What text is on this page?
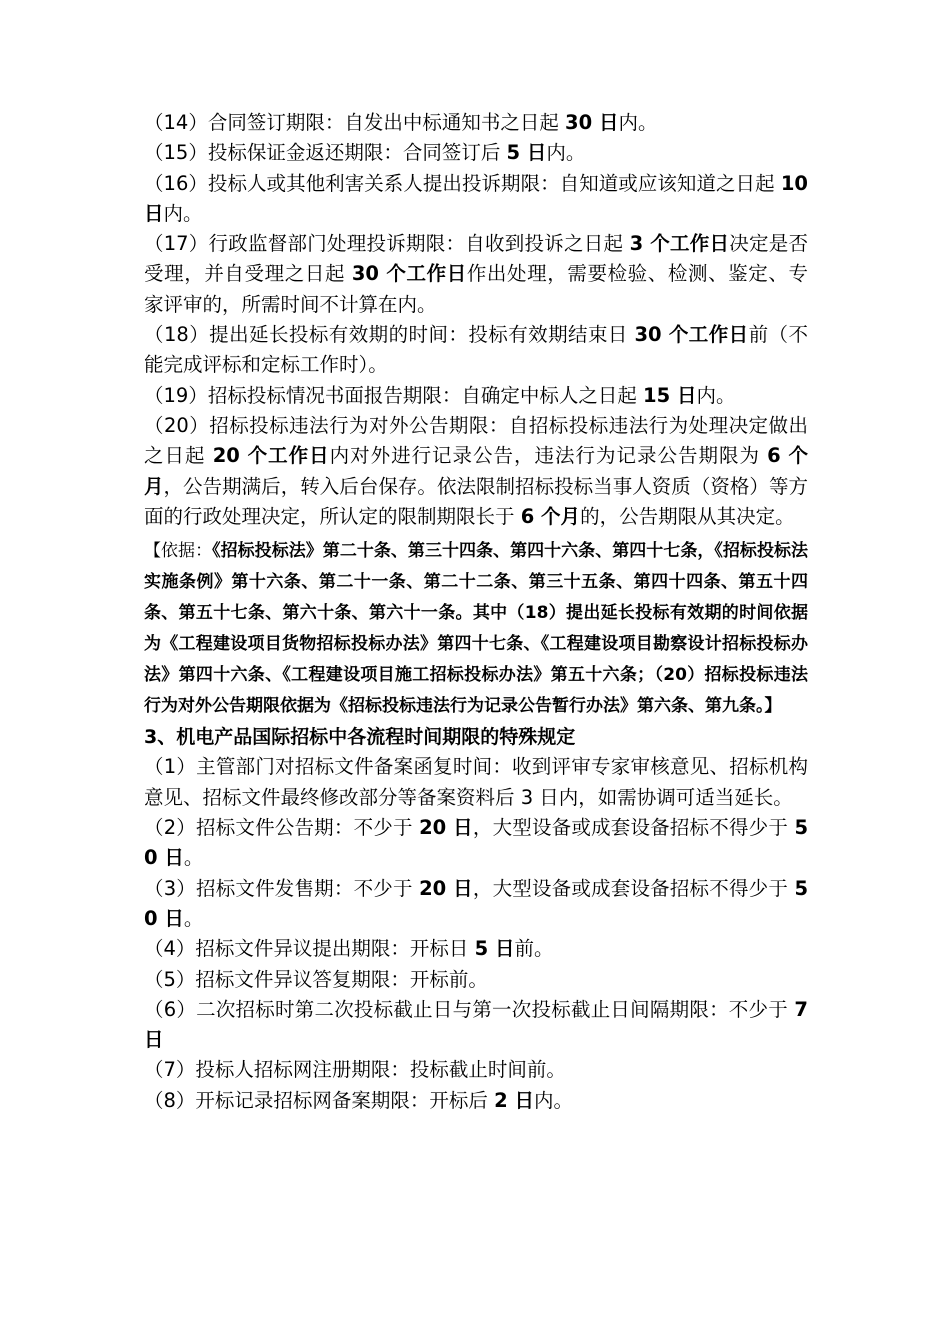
（14）合同签订期限：自发出中标通知书之日起 30 日内。

（15）投标保证金返还期限：合同签订后 5 日内。

（16）投标人或其他利害关系人提出投诉期限：自知道或应该知道之日起 10 日内。

（17）行政监督部门处理投诉期限：自收到投诉之日起 3 个工作日决定是否受理，并自受理之日起 30 个工作日作出处理，需要检验、检测、鉴定、专家评审的，所需时间不计算在内。

（18）提出延长投标有效期的时间：投标有效期结束日 30 个工作日前（不能完成评标和定标工作时）。

（19）招标投标情况书面报告期限：自确定中标人之日起 15 日内。

（20）招标投标违法行为对外公告期限：自招标投标违法行为处理决定做出之日起 20 个工作日内对外进行记录公告，违法行为记录公告期限为 6 个月，公告期满后，转入后台保存。依法限制招标投标当事人资质（资格）等方面的行政处理决定，所认定的限制期限长于 6 个月的，公告期限从其决定。

【依据：《招标投标法》第二十条、第三十四条、第四十六条、第四十七条，《招标投标法实施条例》第十六条、第二十一条、第二十二条、第三十五条、第四十四条、第五十四条、第五十七条、第六十条、第六十一条。其中（18）提出延长投标有效期的时间依据为《工程建设项目货物招标投标办法》第四十七条、《工程建设项目勘察设计招标投标办法》第四十六条、《工程建设项目施工招标投标办法》第五十六条；（20）招标投标违法行为对外公告期限依据为《招标投标违法行为记录公告暂行办法》第六条、第九条。】

3、机电产品国际招标中各流程时间期限的特殊规定

（1）主管部门对招标文件备案函复时间：收到评审专家审核意见、招标机构意见、招标文件最终修改部分等备案资料后 3 日内，如需协调可适当延长。

（2）招标文件公告期：不少于 20 日，大型设备或成套设备招标不得少于 50 日。

（3）招标文件发售期：不少于 20 日，大型设备或成套设备招标不得少于 50 日。

（4）招标文件异议提出期限：开标日 5 日前。

（5）招标文件异议答复期限：开标前。

（6）二次招标时第二次投标截止日与第一次投标截止日间隔期限：不少于 7 日

（7）投标人招标网注册期限：投标截止时间前。

（8）开标记录招标网备案期限：开标后 2 日内。
